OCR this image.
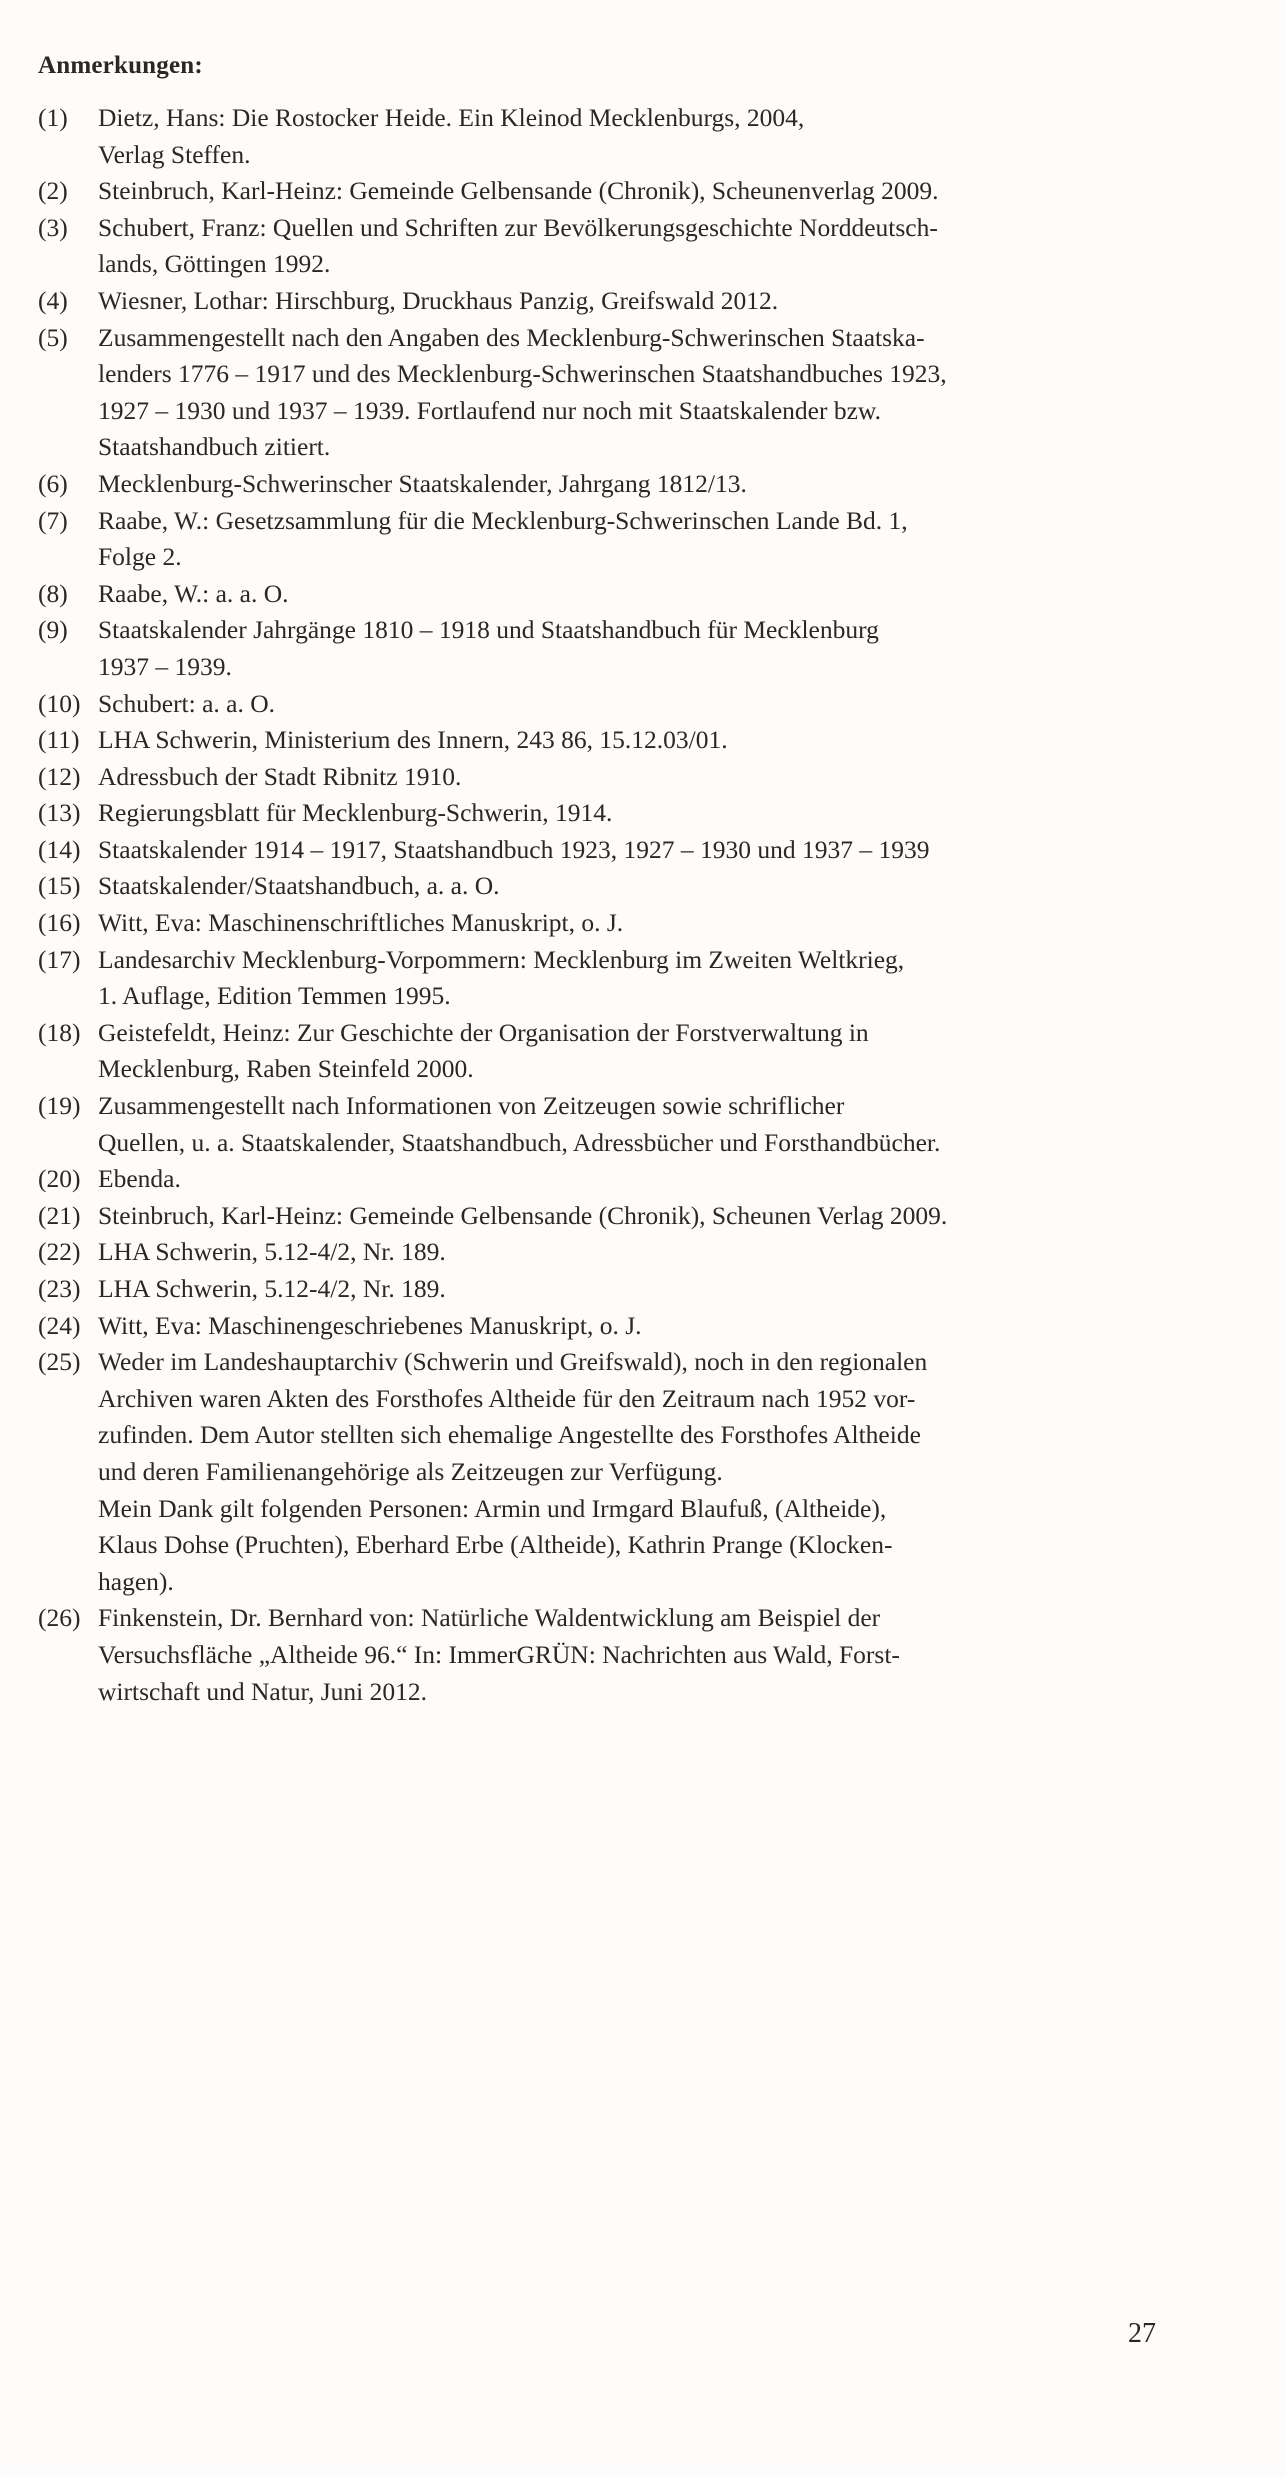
Anmerkungen:
(1)	Dietz, Hans: Die Rostocker Heide. Ein Kleinod Mecklenburgs, 2004,
Verlag Steffen.
(2)	Steinbruch, Karl-Heinz: Gemeinde Gelbensande (Chronik), Scheunenverlag 2009.
(3)	Schubert, Franz: Quellen und Schriften zur Bevölkerungsgeschichte Norddeutsch-
lands, Göttingen 1992.
(4)	Wiesner, Lothar: Hirschburg, Druckhaus Panzig, Greifswald 2012.
(5)	Zusammengestellt nach den Angaben des Mecklenburg-Schwerinschen Staatska-
lenders 1776 – 1917 und des Mecklenburg-Schwerinschen Staatshandbuches 1923,
1927 – 1930 und 1937 – 1939. Fortlaufend nur noch mit Staatskalender bzw.
Staatshandbuch zitiert.
(6)	Mecklenburg-Schwerinscher Staatskalender, Jahrgang 1812/13.
(7)	Raabe, W.: Gesetzsammlung für die Mecklenburg-Schwerinschen Lande Bd. 1,
Folge 2.
(8)	Raabe, W.: a. a. O.
(9)	Staatskalender Jahrgänge 1810 – 1918 und Staatshandbuch für Mecklenburg
1937 – 1939.
(10) Schubert: a. a. O.
(11) LHA Schwerin, Ministerium des Innern, 243 86, 15.12.03/01.
(12) Adressbuch der Stadt Ribnitz 1910.
(13) Regierungsblatt für Mecklenburg-Schwerin, 1914.
(14) Staatskalender 1914 – 1917, Staatshandbuch 1923, 1927 – 1930 und 1937 – 1939
(15) Staatskalender/Staatshandbuch, a. a. O.
(16) Witt, Eva: Maschinenschriftliches Manuskript, o. J.
(17) Landesarchiv Mecklenburg-Vorpommern: Mecklenburg im Zweiten Weltkrieg,
1. Auflage, Edition Temmen 1995.
(18) Geistefeldt, Heinz: Zur Geschichte der Organisation der Forstverwaltung in
Mecklenburg, Raben Steinfeld 2000.
(19) Zusammengestellt nach Informationen von Zeitzeugen sowie schriflicher
Quellen, u. a. Staatskalender, Staatshandbuch, Adressbücher und Forsthandbücher.
(20) Ebenda.
(21) Steinbruch, Karl-Heinz: Gemeinde Gelbensande (Chronik), Scheunen Verlag 2009.
(22) LHA Schwerin, 5.12-4/2, Nr. 189.
(23) LHA Schwerin, 5.12-4/2, Nr. 189.
(24) Witt, Eva: Maschinengeschriebenes Manuskript, o. J.
(25) Weder im Landeshauptarchiv (Schwerin und Greifswald), noch in den regionalen
Archiven waren Akten des Forsthofes Altheide für den Zeitraum nach 1952 vor-
zufinden. Dem Autor stellten sich ehemalige Angestellte des Forsthofes Altheide
und deren Familienangehörige als Zeitzeugen zur Verfügung.
Mein Dank gilt folgenden Personen: Armin und Irmgard Blaufuß, (Altheide),
Klaus Dohse (Pruchten), Eberhard Erbe (Altheide), Kathrin Prange (Klocken-
hagen).
(26) Finkenstein, Dr. Bernhard von: Natürliche Waldentwicklung am Beispiel der
Versuchsfläche „Altheide 96.“ In: ImmerGRÜN: Nachrichten aus Wald, Forst-
wirtschaft und Natur, Juni 2012.
27
